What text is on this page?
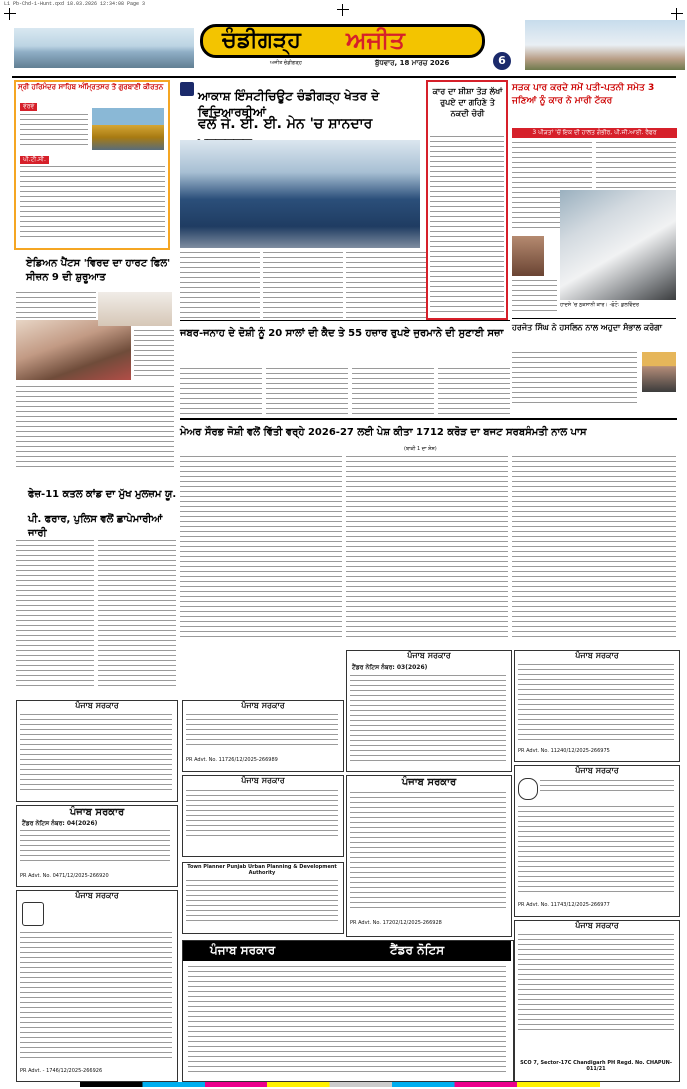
L1 Pb-Chd-1-Hunt.qxd 18.03.2026 12:34:08 Page 3
ਚੰਡੀਗੜ੍ਹ	ਅਜੀਤ
ਅਜੀਤ ਚੰਡੀਗੜ੍ਹ	ਬੁੱਧਵਾਰ, 18 ਮਾਰਚ 2026	6
ਸ੍ਰੀ ਹਰਿਮੰਦਰ ਸਾਹਿਬ ਅੰਮ੍ਰਿਤਸਰ ਤੋਂ ਗੁਰਬਾਣੀ ਕੀਰਤਨ
ਵੇਰਵੇ
ਪੀ.ਟੀ.ਸੀ.
ਏਡਿਅਨ ਪੈਂਟਸ 'ਵਿਰਦ ਦਾ ਹਾਰਟ ਫਿਲ' ਸੀਜ਼ਨ 9 ਦੀ ਸ਼ੁਰੂਆਤ
ਫੇਜ਼-11 ਕਤਲ ਕਾਂਡ ਦਾ ਮੁੱਖ ਮੁਲਜ਼ਮ ਯੂ.
ਪੀ. ਫਰਾਰ, ਪੁਲਿਸ ਵਲੋਂ ਛਾਪੇਮਾਰੀਆਂ ਜਾਰੀ
ਆਕਾਸ਼ ਇੰਸਟੀਚਿਊਟ ਚੰਡੀਗੜ੍ਹ ਖੇਤਰ ਦੇ ਵਿਦਿਆਰਥੀਆਂ
ਵਲੋਂ ਜੇ. ਈ. ਈ. ਮੇਨ 'ਚ ਸ਼ਾਨਦਾਰ
ਕਾਰ ਦਾ ਸ਼ੀਸ਼ਾ ਤੋੜ ਲੱਖਾਂ ਰੁਪਏ ਦਾ ਗਹਿਣੇ ਤੇ ਨਕਦੀ ਚੋਰੀ
ਸੜਕ ਪਾਰ ਕਰਦੇ ਸਮੇਂ ਪਤੀ-ਪਤਨੀ ਸਮੇਤ 3 ਜਣਿਆਂ ਨੂੰ ਕਾਰ ਨੇ ਮਾਰੀ ਟੱਕਰ
3 ਪੀੜਤਾਂ 'ਚੋਂ ਇਕ ਦੀ ਹਾਲਤ ਗੰਭੀਰ, ਪੀ.ਜੀ.ਆਈ. ਰੈਫਰ
ਹਾਦਸੇ 'ਚ ਨੁਕਸਾਨੀ ਕਾਰ। -ਫੋਟੋ: ਕੁਲਵਿੰਦਰ
ਹਰਜੋਤ ਸਿੰਘ ਨੇ ਹਸਲਿਨ ਨਾਲ ਅਹੁਦਾ ਸੰਭਾਲ ਕਰੋਗਾ
ਜਬਰ-ਜਨਾਹ ਦੇ ਦੋਸ਼ੀ ਨੂੰ 20 ਸਾਲਾਂ ਦੀ ਕੈਦ ਤੇ 55 ਹਜ਼ਾਰ ਰੁਪਏ ਜੁਰਮਾਨੇ ਦੀ ਸੁਣਾਈ ਸਜ਼ਾ
ਮੇਅਰ ਸੌਰਭ ਜੋਸ਼ੀ ਵਲੋਂ ਵਿੱਤੀ ਵਰ੍ਹੇ 2026-27 ਲਈ ਪੇਸ਼ ਕੀਤਾ 1712 ਕਰੋੜ ਦਾ ਬਜਟ ਸਰਬਸੰਮਤੀ ਨਾਲ ਪਾਸ
(ਬਾਕੀ 1 ਦਾ ਸ਼ੇਸ਼)
ਪੰਜਾਬ ਸਰਕਾਰ
ਪੰਜਾਬ ਸਰਕਾਰ
ਟੈਂਡਰ ਨੋਟਿਸ ਨੰਬਰ: 04(2026)
PR Advt. No. 0471/12/2025-266920
ਪੰਜਾਬ ਸਰਕਾਰ
PR Advt. - 1746/12/2025-266926
ਪੰਜਾਬ ਸਰਕਾਰ
PR Advt. No. 11726/12/2025-266989
ਪੰਜਾਬ ਸਰਕਾਰ
Town Planner Punjab Urban Planning & Development Authority
ਪੰਜਾਬ ਸਰਕਾਰ	ਟੈਂਡਰ ਨੋਟਿਸ
ਪੰਜਾਬ ਸਰਕਾਰ
ਟੈਂਡਰ ਨੋਟਿਸ ਨੰਬਰ: 03(2026)
ਪੰਜਾਬ ਸਰਕਾਰ
PR Advt. No. 17202/12/2025-266928
ਪੰਜਾਬ ਸਰਕਾਰ
PR Advt. No. 11240/12/2025-266975
ਪੰਜਾਬ ਸਰਕਾਰ
PR Advt. No. 11743/12/2025-266977
ਪੰਜਾਬ ਸਰਕਾਰ
SCO 7, Sector-17C Chandigarh PH Regd. No. CHAPUN-011/21
